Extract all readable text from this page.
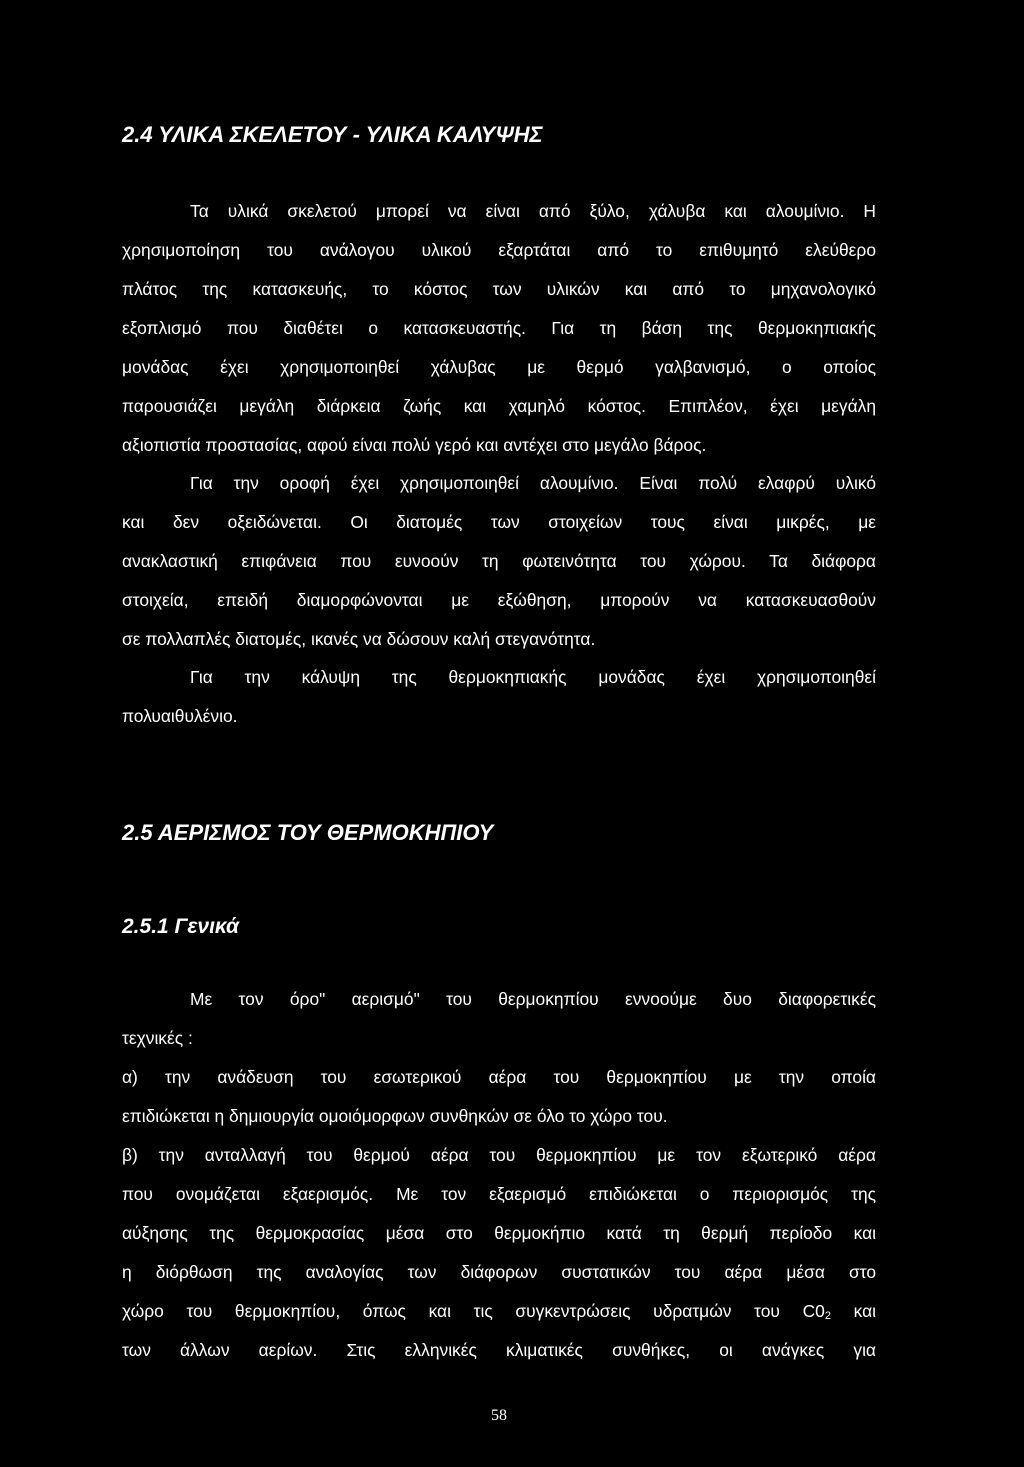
2.4 ΥΛΙΚΑ ΣΚΕΛΕΤΟΥ - ΥΛΙΚΑ ΚΑΛΥΨΗΣ
Τα υλικά σκελετού μπορεί να είναι από ξύλο, χάλυβα και αλουμίνιο. Η
χρησιμοποίηση του ανάλογου υλικού εξαρτάται από το επιθυμητό ελεύθερο
πλάτος της κατασκευής, το κόστος των υλικών και από το μηχανολογικό
εξοπλισμό που διαθέτει ο κατασκευαστής. Για τη βάση της θερμοκηπιακής
μονάδας έχει χρησιμοποιηθεί χάλυβας με θερμό γαλβανισμό, ο οποίος
παρουσιάζει μεγάλη διάρκεια ζωής και χαμηλό κόστος. Επιπλέον, έχει μεγάλη
αξιοπιστία προστασίας, αφού είναι πολύ γερό και αντέχει στο μεγάλο βάρος.
Για την οροφή έχει χρησιμοποιηθεί αλουμίνιο. Είναι πολύ ελαφρύ υλικό
και δεν οξειδώνεται. Οι διατομές των στοιχείων τους είναι μικρές, με
ανακλαστική επιφάνεια που ευνοούν τη φωτεινότητα του χώρου. Τα διάφορα
στοιχεία, επειδή διαμορφώνονται με εξώθηση, μπορούν να κατασκευασθούν
σε πολλαπλές διατομές, ικανές να δώσουν καλή στεγανότητα.
Για την κάλυψη της θερμοκηπιακής μονάδας έχει χρησιμοποιηθεί
πολυαιθυλένιο.
2.5 ΑΕΡΙΣΜΟΣ ΤΟΥ ΘΕΡΜΟΚΗΠΙΟΥ
2.5.1 Γενικά
Με τον όρο" αερισμό" του θερμοκηπίου εννοούμε δυο διαφορετικές
τεχνικές :
α) την ανάδευση του εσωτερικού αέρα του θερμοκηπίου με την οποία
επιδιώκεται η δημιουργία ομοιόμορφων συνθηκών σε όλο το χώρο του.
β) την ανταλλαγή του θερμού αέρα του θερμοκηπίου με τον εξωτερικό αέρα
που ονομάζεται εξαερισμός. Με τον εξαερισμό επιδιώκεται ο περιορισμός της
αύξησης της θερμοκρασίας μέσα στο θερμοκήπιο κατά τη θερμή περίοδο και
η διόρθωση της αναλογίας των διάφορων συστατικών του αέρα μέσα στο
χώρο του θερμοκηπίου, όπως και τις συγκεντρώσεις υδρατμών του $C0_2$ και
των άλλων αερίων. Στις ελληνικές κλιματικές συνθήκες, οι ανάγκες για
58
